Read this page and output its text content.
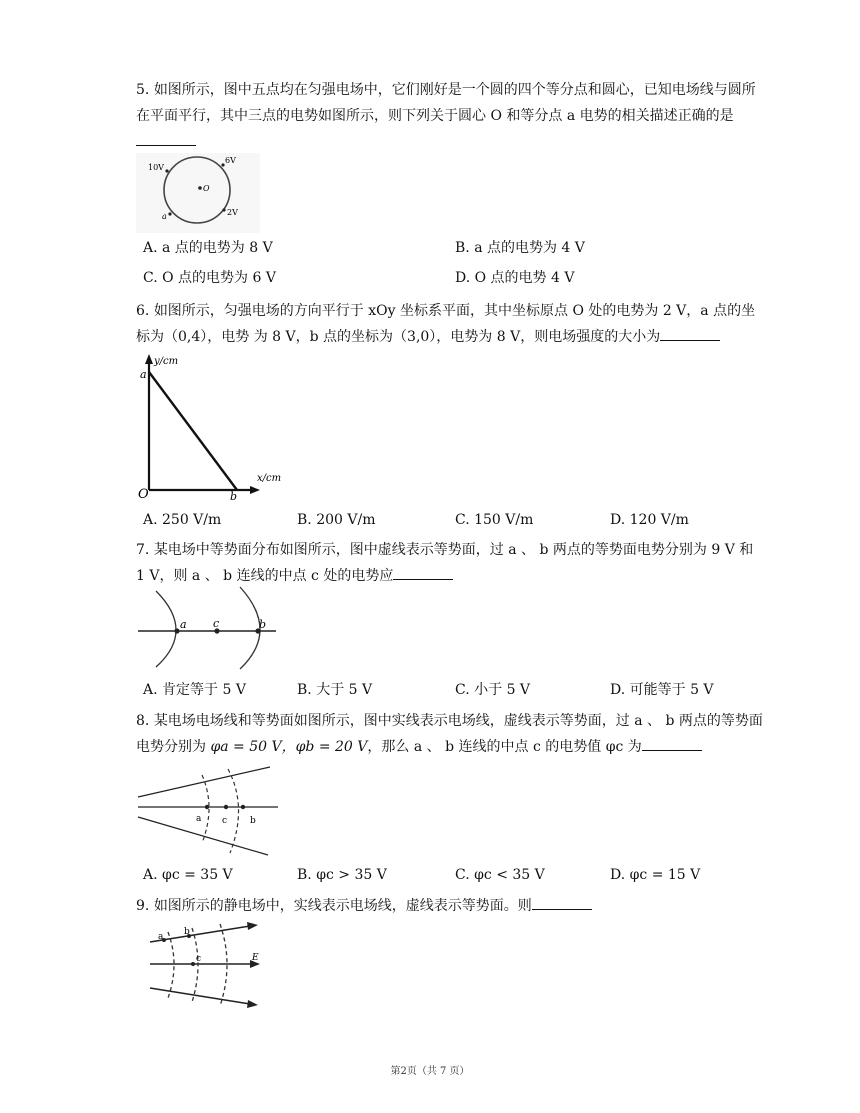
5. 如图所示，图中五点均在匀强电场中，它们刚好是一个圆的四个等分点和圆心，已知电场线与圆所在平面平行，其中三点的电势如图所示，则下列关于圆心 O 和等分点 a 电势的相关描述正确的是

10V
6V
O
a	2V
A. a 点的电势为 8 V	B. a 点的电势为 4 V
C. O 点的电势为 6 V	D. O 点的电势 4 V

6. 如图所示，匀强电场的方向平行于 xOy 坐标系平面，其中坐标原点 O 处的电势为 2 V，a 点的坐标为（0,4），电势 为 8 V，b 点的坐标为（3,0），电势为 8 V，则电场强度的大小为

y/cm
a
x/cm
O	b
A. 250 V/m	B. 200 V/m	C. 150 V/m	D. 120 V/m

7. 某电场中等势面分布如图所示，图中虚线表示等势面，过 a 、 b 两点的等势面电势分别为 9 V 和 1 V，则 a 、 b 连线的中点 c 处的电势应

a c	b
A. 肯定等于 5 V	B. 大于 5 V	C. 小于 5 V	D. 可能等于 5 V

8. 某电场电场线和等势面如图所示，图中实线表示电场线，虚线表示等势面，过 a 、 b 两点的等势面电势分别为 φa = 50 V，φb = 20 V，那么 a 、 b 连线的中点 c 的电势值 φc 为

a c	b
A. φc = 35 V	B. φc > 35 V	C. φc < 35 V	D. φc = 15 V

9. 如图所示的静电场中，实线表示电场线，虚线表示等势面。则

a b
c	E
第2页（共 7 页）
